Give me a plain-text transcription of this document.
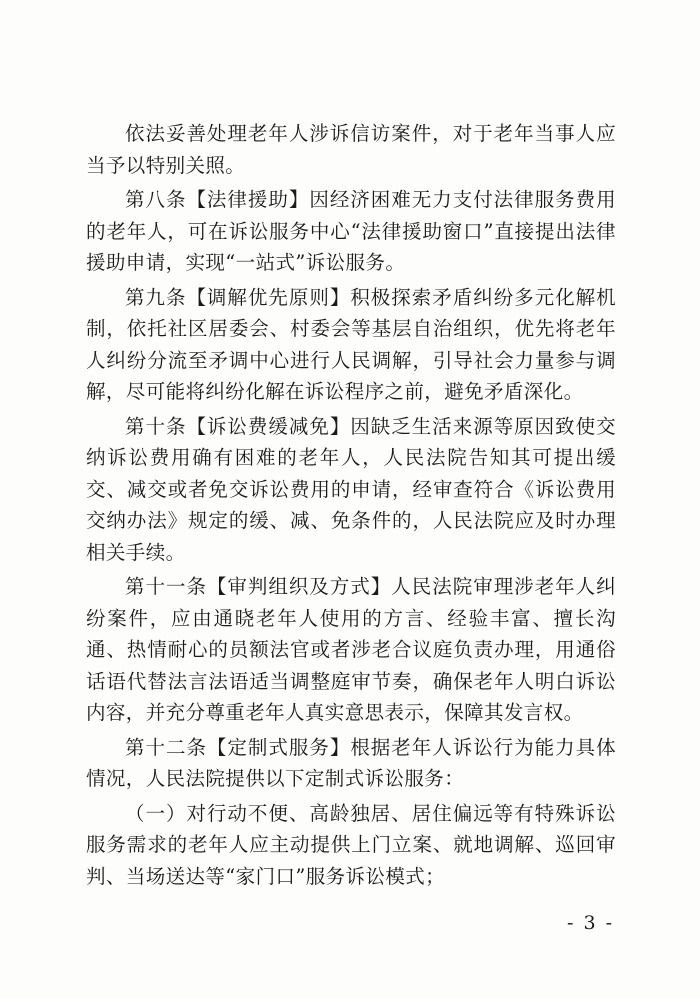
依法妥善处理老年人涉诉信访案件，对于老年当事人应当予以特别关照。

第八条【法律援助】因经济困难无力支付法律服务费用的老年人，可在诉讼服务中心“法律援助窗口”直接提出法律援助申请，实现“一站式”诉讼服务。

第九条【调解优先原则】积极探索矛盾纠纷多元化解机制，依托社区居委会、村委会等基层自治组织，优先将老年人纠纷分流至矛调中心进行人民调解，引导社会力量参与调解，尽可能将纠纷化解在诉讼程序之前，避免矛盾深化。

第十条【诉讼费缓减免】因缺乏生活来源等原因致使交纳诉讼费用确有困难的老年人，人民法院告知其可提出缓交、减交或者免交诉讼费用的申请，经审查符合《诉讼费用交纳办法》规定的缓、减、免条件的，人民法院应及时办理相关手续。

第十一条【审判组织及方式】人民法院审理涉老年人纠纷案件，应由通晓老年人使用的方言、经验丰富、擅长沟通、热情耐心的员额法官或者涉老合议庭负责办理，用通俗话语代替法言法语适当调整庭审节奏，确保老年人明白诉讼内容，并充分尊重老年人真实意思表示，保障其发言权。

第十二条【定制式服务】根据老年人诉讼行为能力具体情况，人民法院提供以下定制式诉讼服务：

（一）对行动不便、高龄独居、居住偏远等有特殊诉讼服务需求的老年人应主动提供上门立案、就地调解、巡回审判、当场送达等“家门口”服务诉讼模式；

- 3 -
